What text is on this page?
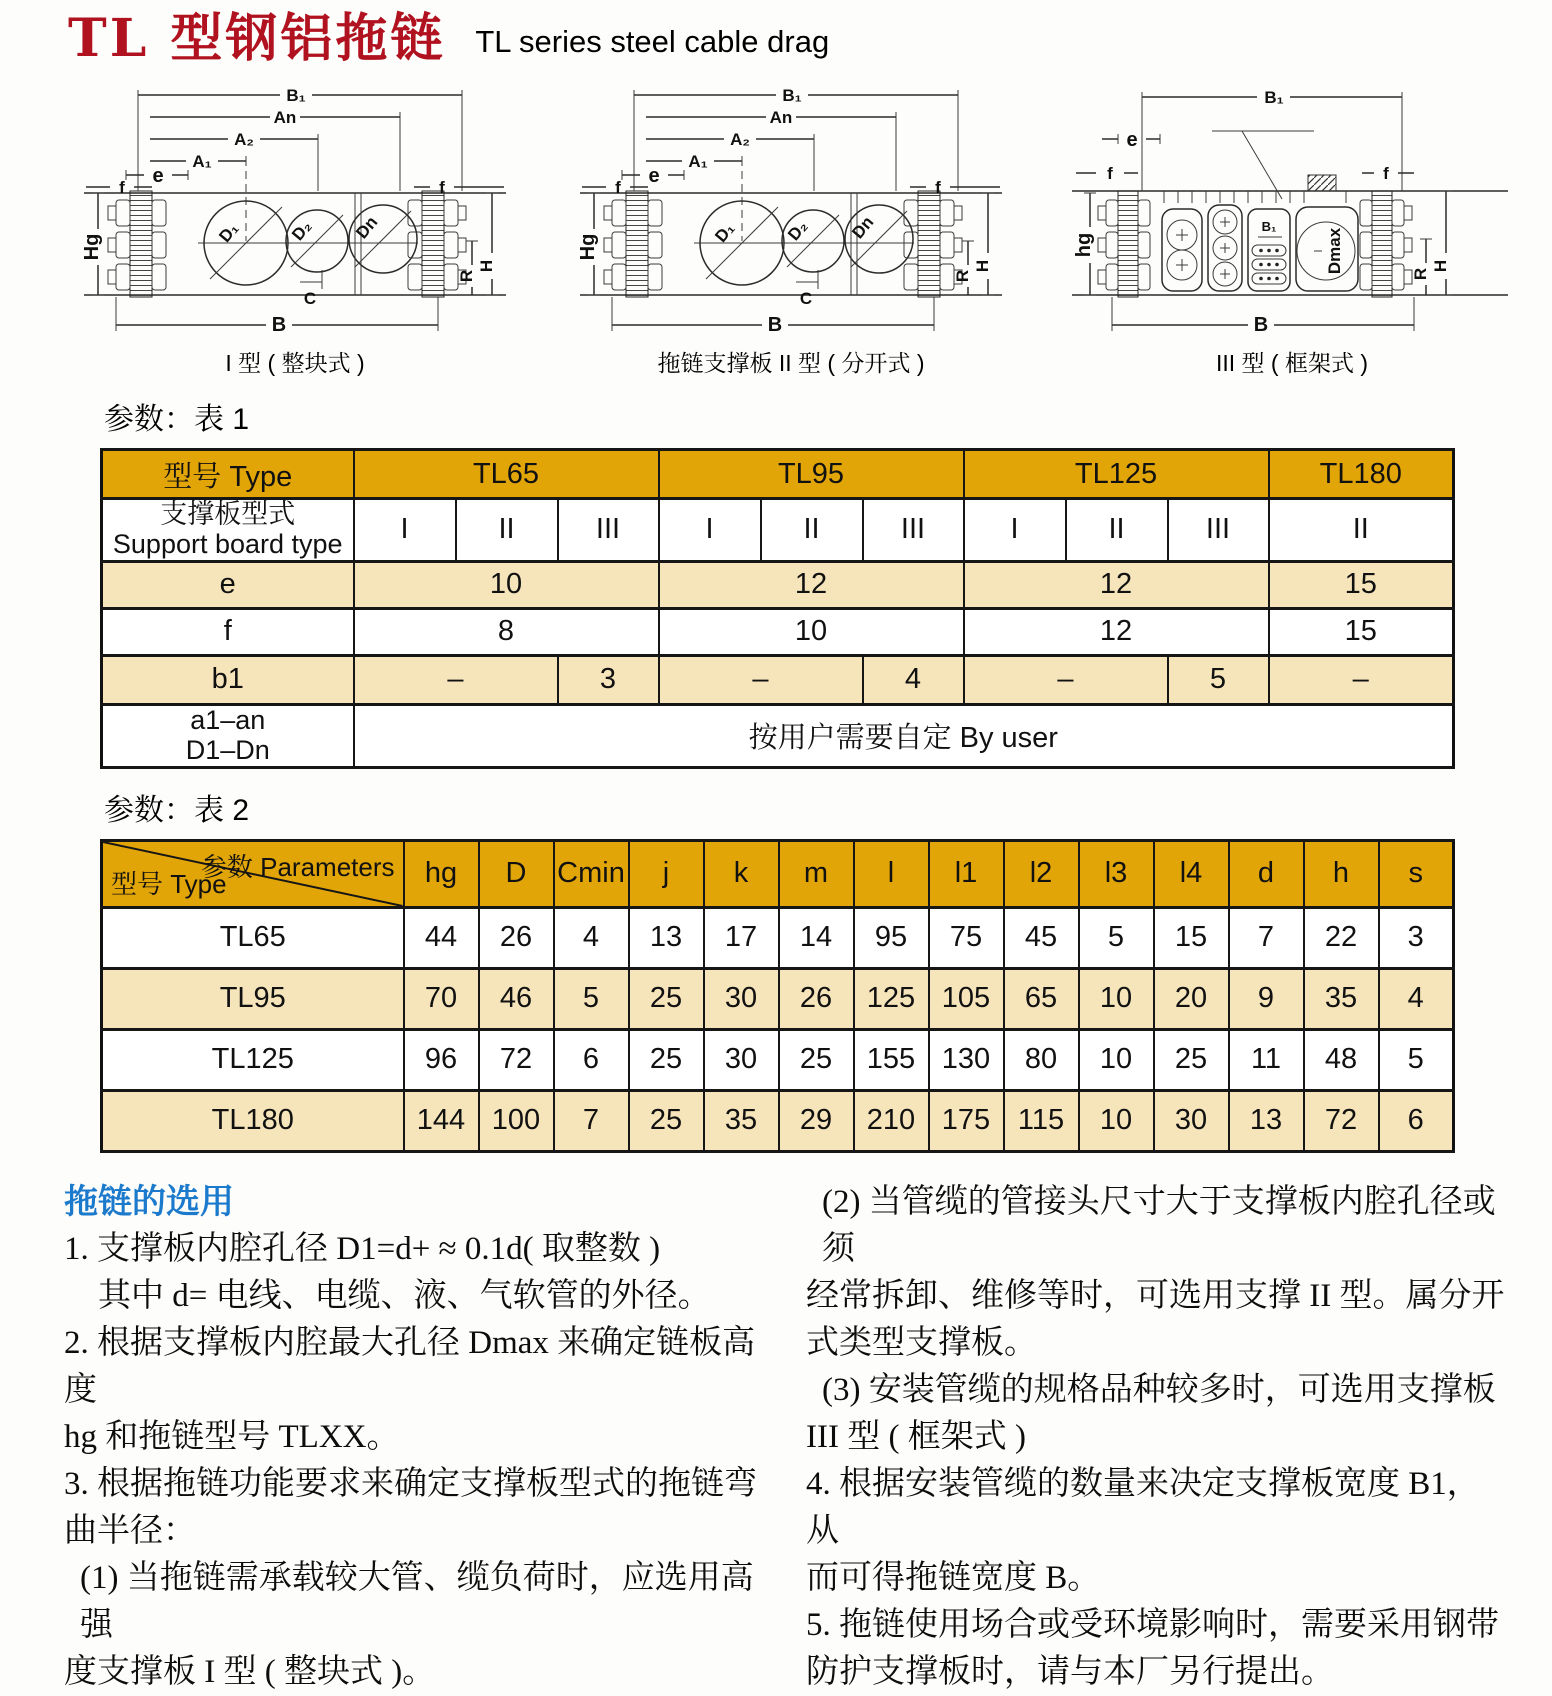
TL 型钢铝拖链 TL series steel cable drag
D₁	D₂ Dn
B₁
An
A₂
A₁
e
f	f
Hg
B
R
H
C
I 型 ( 整块式 )
D₁	D₂ Dn
B₁
An
A₂
A₁
e
f	f
Hg
B
R
H
C
拖链支撑板 II 型 ( 分开式 )
B₁
Dmax
B₁
e
f	f
hg
B
R
H
III 型 ( 框架式 )
参数：表 1
型号 Type	TL65			TL95			TL125			TL180

支撑板型式
Support board type	I	II	III	I	II	III	I	II	III	II
e	10			12			12			15
f	8			10			12			15
b1	–		3	–		4	–		5	–

a1–an
D1–Dn	按用户需要自定 By user									
参数：表 2
参数 Parameters
型号 Type	hg	D	Cmin	j	k	m	l	l1	l2	l3	l4	d	h	s
TL65	44	26	4	13	17	14	95	75	45	5	15	7	22	3
TL95	70	46	5	25	30	26	125	105	65	10	20	9	35	4
TL125	96	72	6	25	30	25	155	130	80	10	25	11	48	5
TL180	144	100	7	25	35	29	210	175	115	10	30	13	72	6
拖链的选用
1. 支撑板内腔孔径 D1=d+ ≈ 0.1d( 取整数 )
其中 d= 电线、电缆、液、气软管的外径。
2. 根据支撑板内腔最大孔径 Dmax 来确定链板高度
hg 和拖链型号 TLXX。
3. 根据拖链功能要求来确定支撑板型式的拖链弯
曲半径：
(1) 当拖链需承载较大管、缆负荷时，应选用高强
度支撑板 I 型 ( 整块式 )。
(2) 当管缆的管接头尺寸大于支撑板内腔孔径或须
经常拆卸、维修等时，可选用支撑 II 型。属分开
式类型支撑板。
(3) 安装管缆的规格品种较多时，可选用支撑板
III 型 ( 框架式 )
4. 根据安装管缆的数量来决定支撑板宽度 B1，从
而可得拖链宽度 B。
5. 拖链使用场合或受环境影响时，需要采用钢带
防护支撑板时，请与本厂另行提出。
